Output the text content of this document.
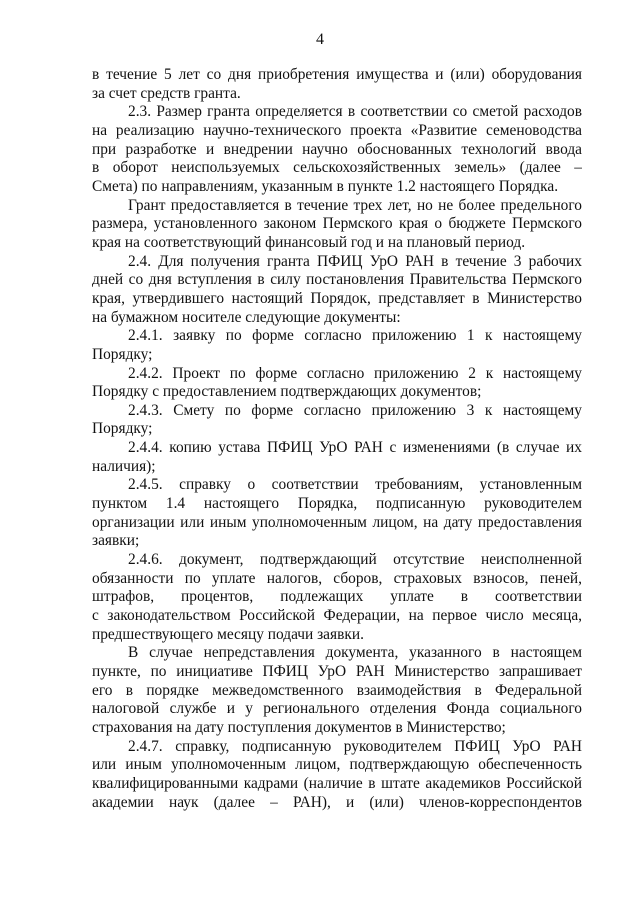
4
в течение 5 лет со дня приобретения имущества и (или) оборудования
за счет средств гранта.
2.3. Размер гранта определяется в соответствии со сметой расходов
на реализацию научно-технического проекта «Развитие семеноводства
при разработке и внедрении научно обоснованных технологий ввода
в оборот неиспользуемых сельскохозяйственных земель» (далее –
Смета) по направлениям, указанным в пункте 1.2 настоящего Порядка.
Грант предоставляется в течение трех лет, но не более предельного
размера, установленного законом Пермского края о бюджете Пермского
края на соответствующий финансовый год и на плановый период.
2.4. Для получения гранта ПФИЦ УрО РАН в течение 3 рабочих
дней со дня вступления в силу постановления Правительства Пермского
края, утвердившего настоящий Порядок, представляет в Министерство
на бумажном носителе следующие документы:
2.4.1. заявку по форме согласно приложению 1 к настоящему
Порядку;
2.4.2. Проект по форме согласно приложению 2 к настоящему
Порядку с предоставлением подтверждающих документов;
2.4.3. Смету по форме согласно приложению 3 к настоящему
Порядку;
2.4.4. копию устава ПФИЦ УрО РАН с изменениями (в случае их
наличия);
2.4.5. справку о соответствии требованиям, установленным
пунктом 1.4 настоящего Порядка, подписанную руководителем
организации или иным уполномоченным лицом, на дату предоставления
заявки;
2.4.6. документ, подтверждающий отсутствие неисполненной
обязанности по уплате налогов, сборов, страховых взносов, пеней,
штрафов, процентов, подлежащих уплате в соответствии
с законодательством Российской Федерации, на первое число месяца,
предшествующего месяцу подачи заявки.
В случае непредставления документа, указанного в настоящем
пункте, по инициативе ПФИЦ УрО РАН Министерство запрашивает
его в порядке межведомственного взаимодействия в Федеральной
налоговой службе и у регионального отделения Фонда социального
страхования на дату поступления документов в Министерство;
2.4.7. справку, подписанную руководителем ПФИЦ УрО РАН
или иным уполномоченным лицом, подтверждающую обеспеченность
квалифицированными кадрами (наличие в штате академиков Российской
академии наук (далее – РАН), и (или) членов-корреспондентов
